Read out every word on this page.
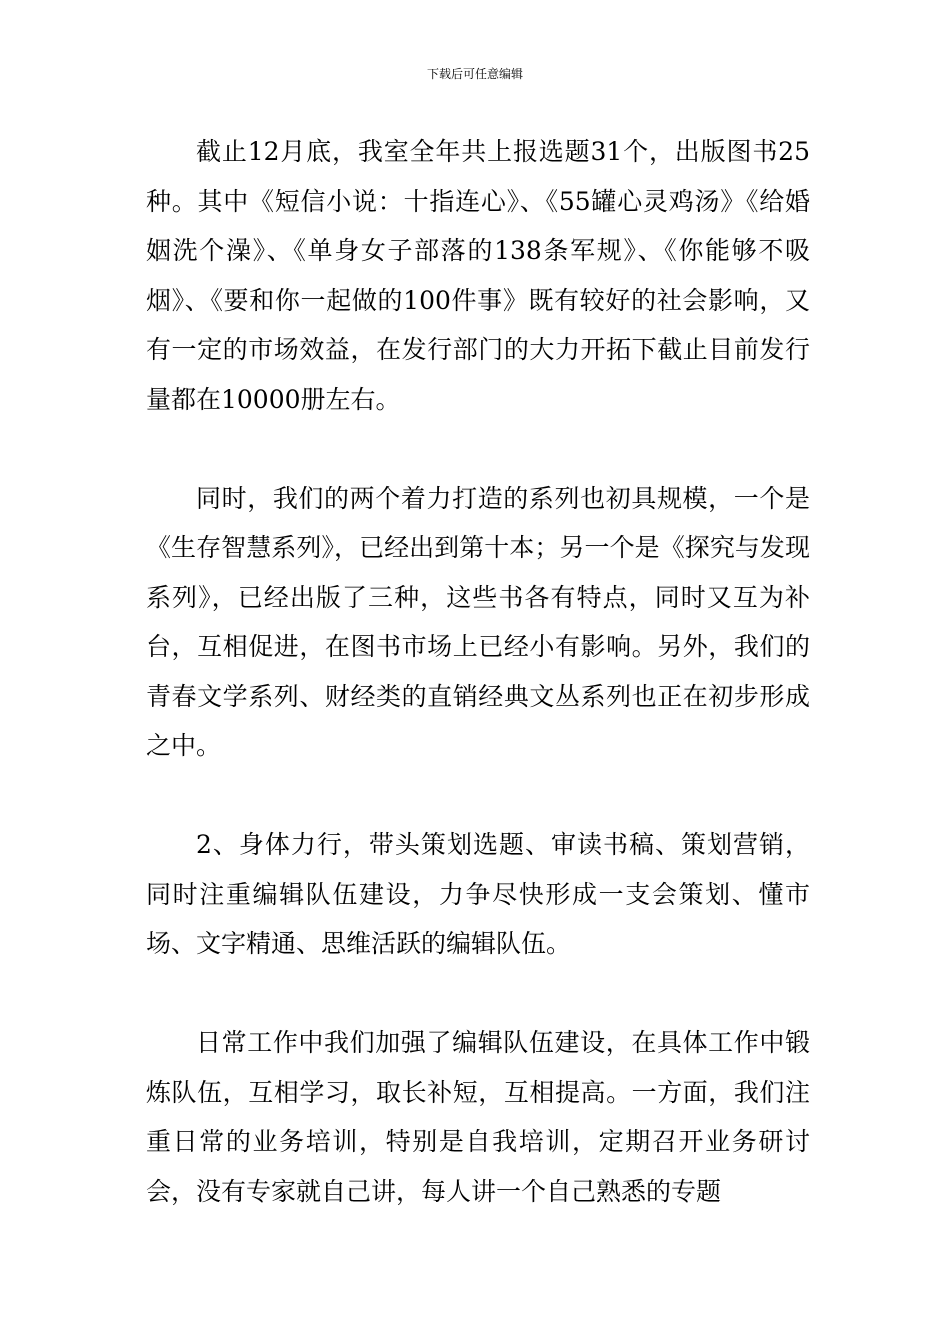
下载后可任意编辑

截止12月底，我室全年共上报选题31个，出版图书25种。其中《短信小说：十指连心》、《55罐心灵鸡汤》《给婚姻洗个澡》、《单身女子部落的138条军规》、《你能够不吸烟》、《要和你一起做的100件事》既有较好的社会影响，又有一定的市场效益，在发行部门的大力开拓下截止目前发行量都在10000册左右。

同时，我们的两个着力打造的系列也初具规模，一个是《生存智慧系列》，已经出到第十本；另一个是《探究与发现系列》，已经出版了三种，这些书各有特点，同时又互为补台，互相促进，在图书市场上已经小有影响。另外，我们的青春文学系列、财经类的直销经典文丛系列也正在初步形成之中。

2、身体力行，带头策划选题、审读书稿、策划营销，同时注重编辑队伍建设，力争尽快形成一支会策划、懂市场、文字精通、思维活跃的编辑队伍。

日常工作中我们加强了编辑队伍建设，在具体工作中锻炼队伍，互相学习，取长补短，互相提高。一方面，我们注重日常的业务培训，特别是自我培训，定期召开业务研讨会，没有专家就自己讲，每人讲一个自己熟悉的专题
